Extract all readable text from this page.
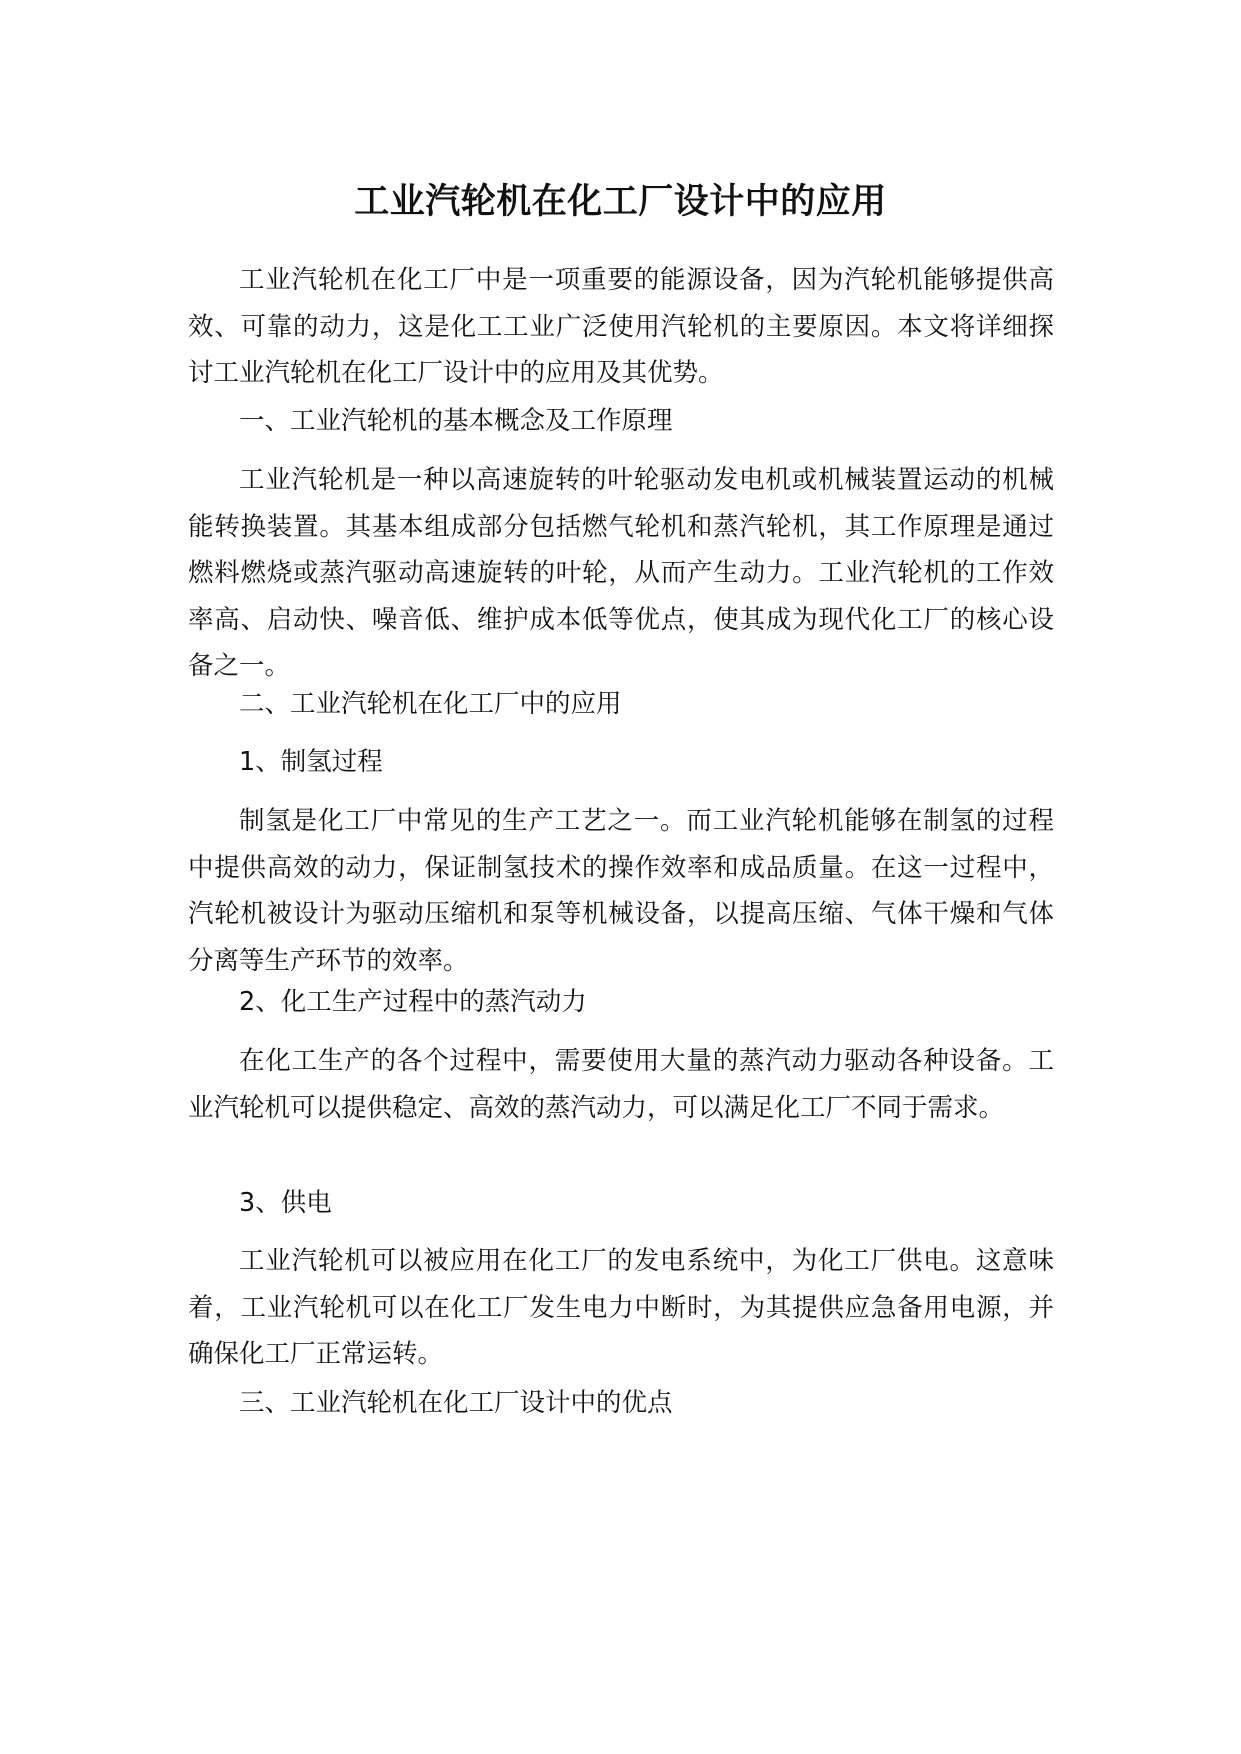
工业汽轮机在化工厂设计中的应用

工业汽轮机在化工厂中是一项重要的能源设备，因为汽轮机能够提供高效、可靠的动力，这是化工工业广泛使用汽轮机的主要原因。本文将详细探讨工业汽轮机在化工厂设计中的应用及其优势。

一、工业汽轮机的基本概念及工作原理

工业汽轮机是一种以高速旋转的叶轮驱动发电机或机械装置运动的机械能转换装置。其基本组成部分包括燃气轮机和蒸汽轮机，其工作原理是通过燃料燃烧或蒸汽驱动高速旋转的叶轮，从而产生动力。工业汽轮机的工作效率高、启动快、噪音低、维护成本低等优点，使其成为现代化工厂的核心设备之一。

二、工业汽轮机在化工厂中的应用

1、制氢过程

制氢是化工厂中常见的生产工艺之一。而工业汽轮机能够在制氢的过程中提供高效的动力，保证制氢技术的操作效率和成品质量。在这一过程中，汽轮机被设计为驱动压缩机和泵等机械设备，以提高压缩、气体干燥和气体分离等生产环节的效率。

2、化工生产过程中的蒸汽动力

在化工生产的各个过程中，需要使用大量的蒸汽动力驱动各种设备。工业汽轮机可以提供稳定、高效的蒸汽动力，可以满足化工厂不同于需求。

3、供电

工业汽轮机可以被应用在化工厂的发电系统中，为化工厂供电。这意味着，工业汽轮机可以在化工厂发生电力中断时，为其提供应急备用电源，并确保化工厂正常运转。

三、工业汽轮机在化工厂设计中的优点
